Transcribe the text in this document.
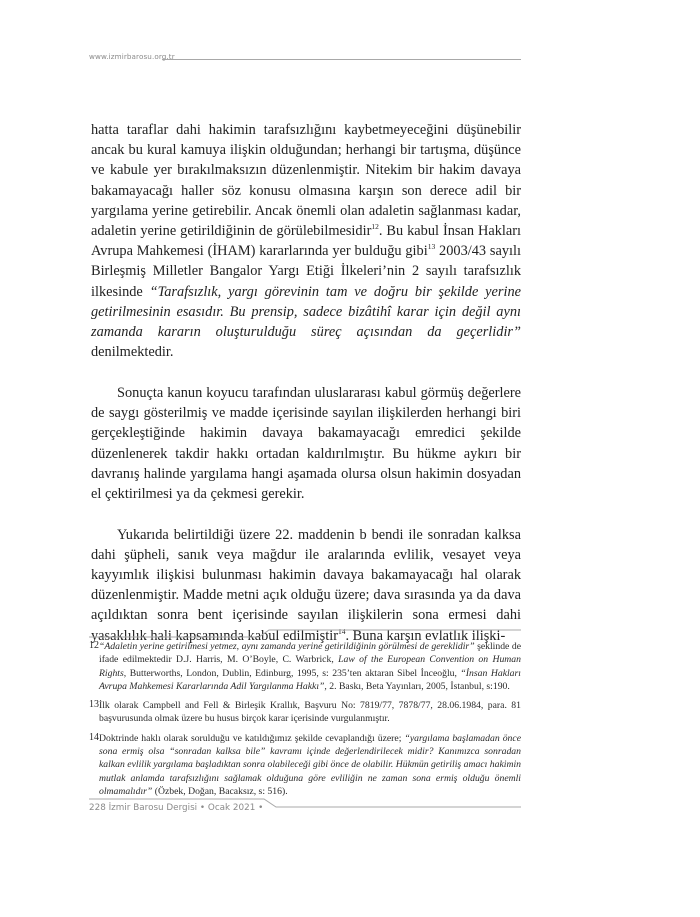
www.izmirbarosu.org.tr

hatta taraflar dahi hakimin tarafsızlığını kaybetmeyeceğini düşünebilir ancak bu kural kamuya ilişkin olduğundan; herhangi bir tartışma, düşünce ve kabule yer bırakılmaksızın düzenlenmiştir. Nitekim bir hakim davaya bakamayacağı haller söz konusu olmasına karşın son derece adil bir yargılama yerine getirebilir. Ancak önemli olan adaletin sağlanması kadar, adaletin yerine getirildiğinin de görülebilmesidir$^{12}$. Bu kabul İnsan Hakları Avrupa Mahkemesi (İHAM) kararlarında yer bulduğu gibi$^{13}$ 2003/43 sayılı Birleşmiş Milletler Bangalor Yargı Etiği İlkeleri’nin 2 sayılı tarafsızlık ilkesinde “Tarafsızlık, yargı görevinin tam ve doğru bir şekilde yerine getirilmesinin esasıdır. Bu prensip, sadece bizâtihî karar için değil aynı zamanda kararın oluşturulduğu süreç açısından da geçerlidir” denilmektedir.

Sonuçta kanun koyucu tarafından uluslararası kabul görmüş değerlere de saygı gösterilmiş ve madde içerisinde sayılan ilişkilerden herhangi biri gerçekleştiğinde hakimin davaya bakamayacağı emredici şekilde düzenlenerek takdir hakkı ortadan kaldırılmıştır. Bu hükme aykırı bir davranış halinde yargılama hangi aşamada olursa olsun hakimin dosyadan el çektirilmesi ya da çekmesi gerekir.

Yukarıda belirtildiği üzere 22. maddenin b bendi ile sonradan kalksa dahi şüpheli, sanık veya mağdur ile aralarında evlilik, vesayet veya kayyımlık ilişkisi bulunması hakimin davaya bakamayacağı hal olarak düzenlenmiştir. Madde metni açık olduğu üzere; dava sırasında ya da dava açıldıktan sonra bent içerisinde sayılan ilişkilerin sona ermesi dahi yasaklılık hali kapsamında kabul edilmiştir$^{14}$. Buna karşın evlatlık ilişki-

12 “Adaletin yerine getirilmesi yetmez, aynı zamanda yerine getirildiğinin görülmesi de gereklidir” şeklinde de ifade edilmektedir D.J. Harris, M. O’Boyle, C. Warbrick, Law of the European Convention on Human Rights, Butterworths, London, Dublin, Edinburg, 1995, s: 235’ten aktaran Sibel İnceoğlu, “İnsan Hakları Avrupa Mahkemesi Kararlarında Adil Yargılanma Hakkı”, 2. Baskı, Beta Yayınları, 2005, İstanbul, s:190.
13 İlk olarak Campbell and Fell & Birleşik Krallık, Başvuru No: 7819/77, 7878/77, 28.06.1984, para. 81 başvurusunda olmak üzere bu husus birçok karar içerisinde vurgulanmıştır.
14 Doktrinde haklı olarak sorulduğu ve katıldığımız şekilde cevaplandığı üzere; “yargılama başlamadan önce sona ermiş olsa “sonradan kalksa bile” kavramı içinde değerlendirilecek midir? Kanımızca sonradan kalkan evlilik yargılama başladıktan sonra olabileceği gibi önce de olabilir. Hükmün getiriliş amacı hakimin mutlak anlamda tarafsızlığını sağlamak olduğuna göre evliliğin ne zaman sona ermiş olduğu önemli olmamalıdır” (Özbek, Doğan, Bacaksız, s: 516).
228 İzmir Barosu Dergisi • Ocak 2021 •
